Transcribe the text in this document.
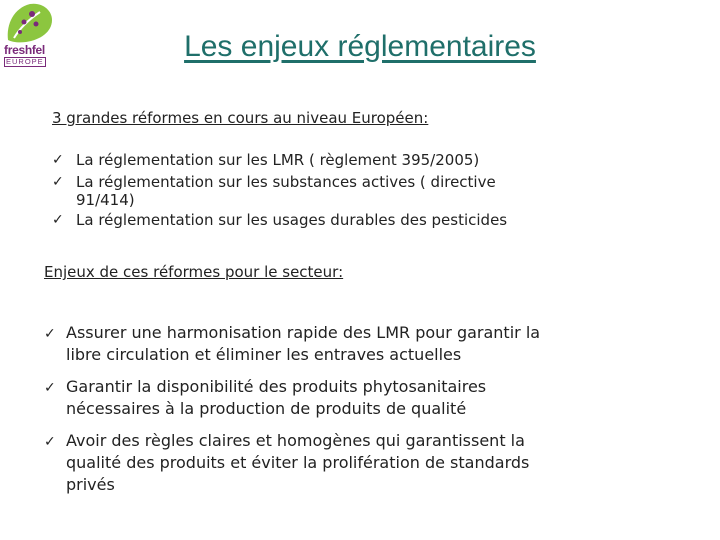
freshfel
EUROPE	Les enjeux réglementaires
3 grandes réformes en cours au niveau Européen:
✓ La réglementation sur les LMR ( règlement 395/2005)
✓ La réglementation sur les substances actives ( directive
91/414)
✓ La réglementation sur les usages durables des pesticides
Enjeux de ces réformes pour le secteur:
✓ Assurer une harmonisation rapide des LMR pour garantir la
libre circulation et éliminer les entraves actuelles
✓ Garantir la disponibilité des produits phytosanitaires
nécessaires à la production de produits de qualité
✓ Avoir des règles claires et homogènes qui garantissent la
qualité des produits et éviter la prolifération de standards
privés
